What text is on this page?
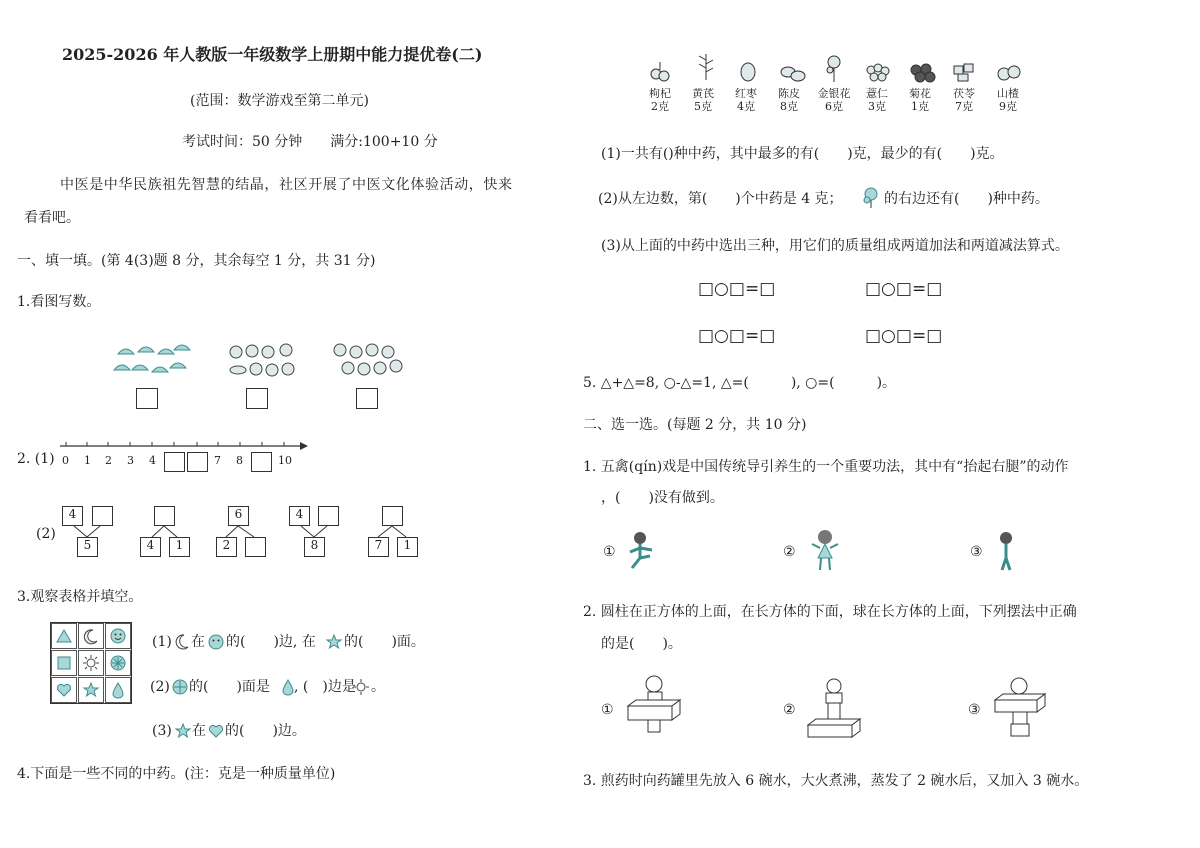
2025-2026 年人教版一年级数学上册期中能力提优卷(二)
(范围：数学游戏至第二单元)
考试时间：50 分钟　　满分:100+10 分
中医是中华民族祖先智慧的结晶，社区开展了中医文化体验活动，快来
看看吧。
一、填一填。(第 4(3)题 8 分，其余每空 1 分，共 31 分)
1.看图写数。
2. (1) 0 1 2 3 4	7 8	10
(2)
4
5	4	1
6
2
4
8	7	1
3.观察表格并填空。
(1) 在 的(　　)边, 在 的(　　)面。
(2) 的(　　)面是 , (　)边是 。
(3) 在 的(　　)边。
4.下面是一些不同的中药。(注：克是一种质量单位)
枸杞
2克
黄芪
5克
红枣
4克
陈皮
8克
金银花
6克
薏仁
3克
菊花
1克
茯苓
7克
山楂
9克
(1)一共有()种中药，其中最多的有(　　)克，最少的有(　　)克。
(2)从左边数，第(　　)个中药是 4 克；	的右边还有(　　)种中药。
(3)从上面的中药中选出三种，用它们的质量组成两道加法和两道减法算式。
□○□=□	□○□=□
□○□=□	□○□=□
5. △+△=8, ○-△=1, △=(　　　), ○=(　　　)。
二、选一选。(每题 2 分，共 10 分)
1. 五禽(qín)戏是中国传统导引养生的一个重要功法，其中有“抬起右腿”的动作
，(　　)没有做到。
①	②	③
2. 圆柱在正方体的上面，在长方体的下面，球在长方体的上面，下列摆法中正确
的是(　　)。
①	②	③
3. 煎药时向药罐里先放入 6 碗水，大火煮沸，蒸发了 2 碗水后，又加入 3 碗水。
